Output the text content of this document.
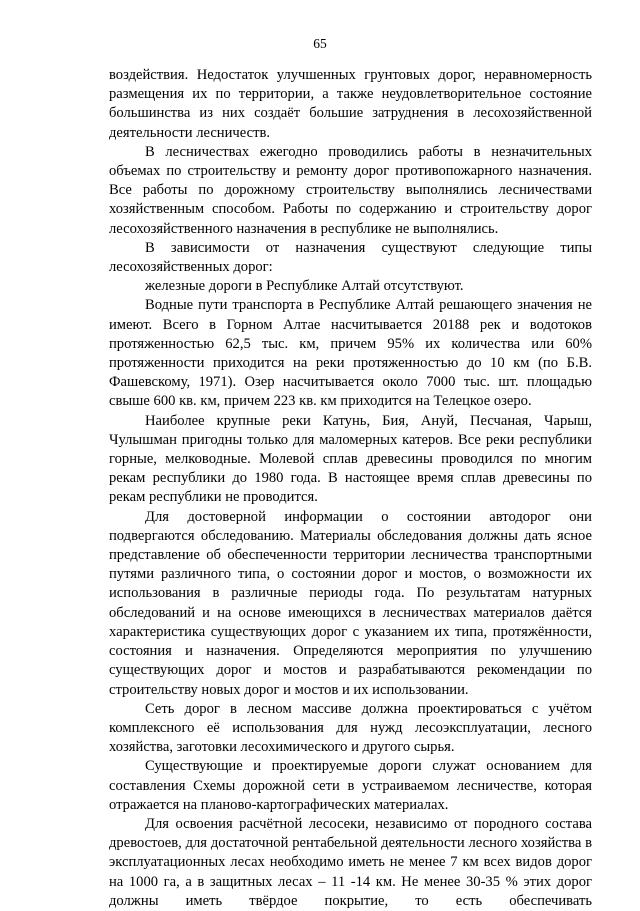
65

воздействия. Недостаток улучшенных грунтовых дорог, неравномерность размещения их по территории, а также неудовлетворительное состояние большинства из них создаёт большие затруднения в лесохозяйственной деятельности лесничеств.

В лесничествах ежегодно проводились работы в незначительных объемах по строительству и ремонту дорог противопожарного назначения. Все работы по дорожному строительству выполнялись лесничествами хозяйственным способом. Работы по содержанию и строительству дорог лесохозяйственного назначения в республике не выполнялись.

В зависимости от назначения существуют следующие типы лесохозяйственных дорог:

железные дороги в Республике Алтай отсутствуют.

Водные пути транспорта в Республике Алтай решающего значения не имеют. Всего в Горном Алтае насчитывается 20188 рек и водотоков протяженностью 62,5 тыс. км, причем 95% их количества или 60% протяженности приходится на реки протяженностью до 10 км (по Б.В. Фашевскому, 1971). Озер насчитывается около 7000 тыс. шт. площадью свыше 600 кв. км, причем 223 кв. км приходится на Телецкое озеро.

Наиболее крупные реки Катунь, Бия, Ануй, Песчаная, Чарыш, Чулышман пригодны только для маломерных катеров. Все реки республики горные, мелководные. Молевой сплав древесины проводился по многим рекам республики до 1980 года. В настоящее время сплав древесины по рекам республики не проводится.

Для достоверной информации о состоянии автодорог они подвергаются обследованию. Материалы обследования должны дать ясное представление об обеспеченности территории лесничества транспортными путями различного типа, о состоянии дорог и мостов, о возможности их использования в различные периоды года. По результатам натурных обследований и на основе имеющихся в лесничествах материалов даётся характеристика существующих дорог с указанием их типа, протяжённости, состояния и назначения. Определяются мероприятия по улучшению существующих дорог и мостов и разрабатываются рекомендации по строительству новых дорог и мостов и их использовании.

Сеть дорог в лесном массиве должна проектироваться с учётом комплексного её использования для нужд лесоэксплуатации, лесного хозяйства, заготовки лесохимического и другого сырья.

Существующие и проектируемые дороги служат основанием для составления Схемы дорожной сети в устраиваемом лесничестве, которая отражается на планово-картографических материалах.

Для освоения расчётной лесосеки, независимо от породного состава древостоев, для достаточной рентабельной деятельности лесного хозяйства в эксплуатационных лесах необходимо иметь не менее 7 км всех видов дорог на 1000 га, а в защитных лесах – 11 -14 км. Не менее 30-35 % этих дорог должны иметь твёрдое покрытие, то есть обеспечивать
